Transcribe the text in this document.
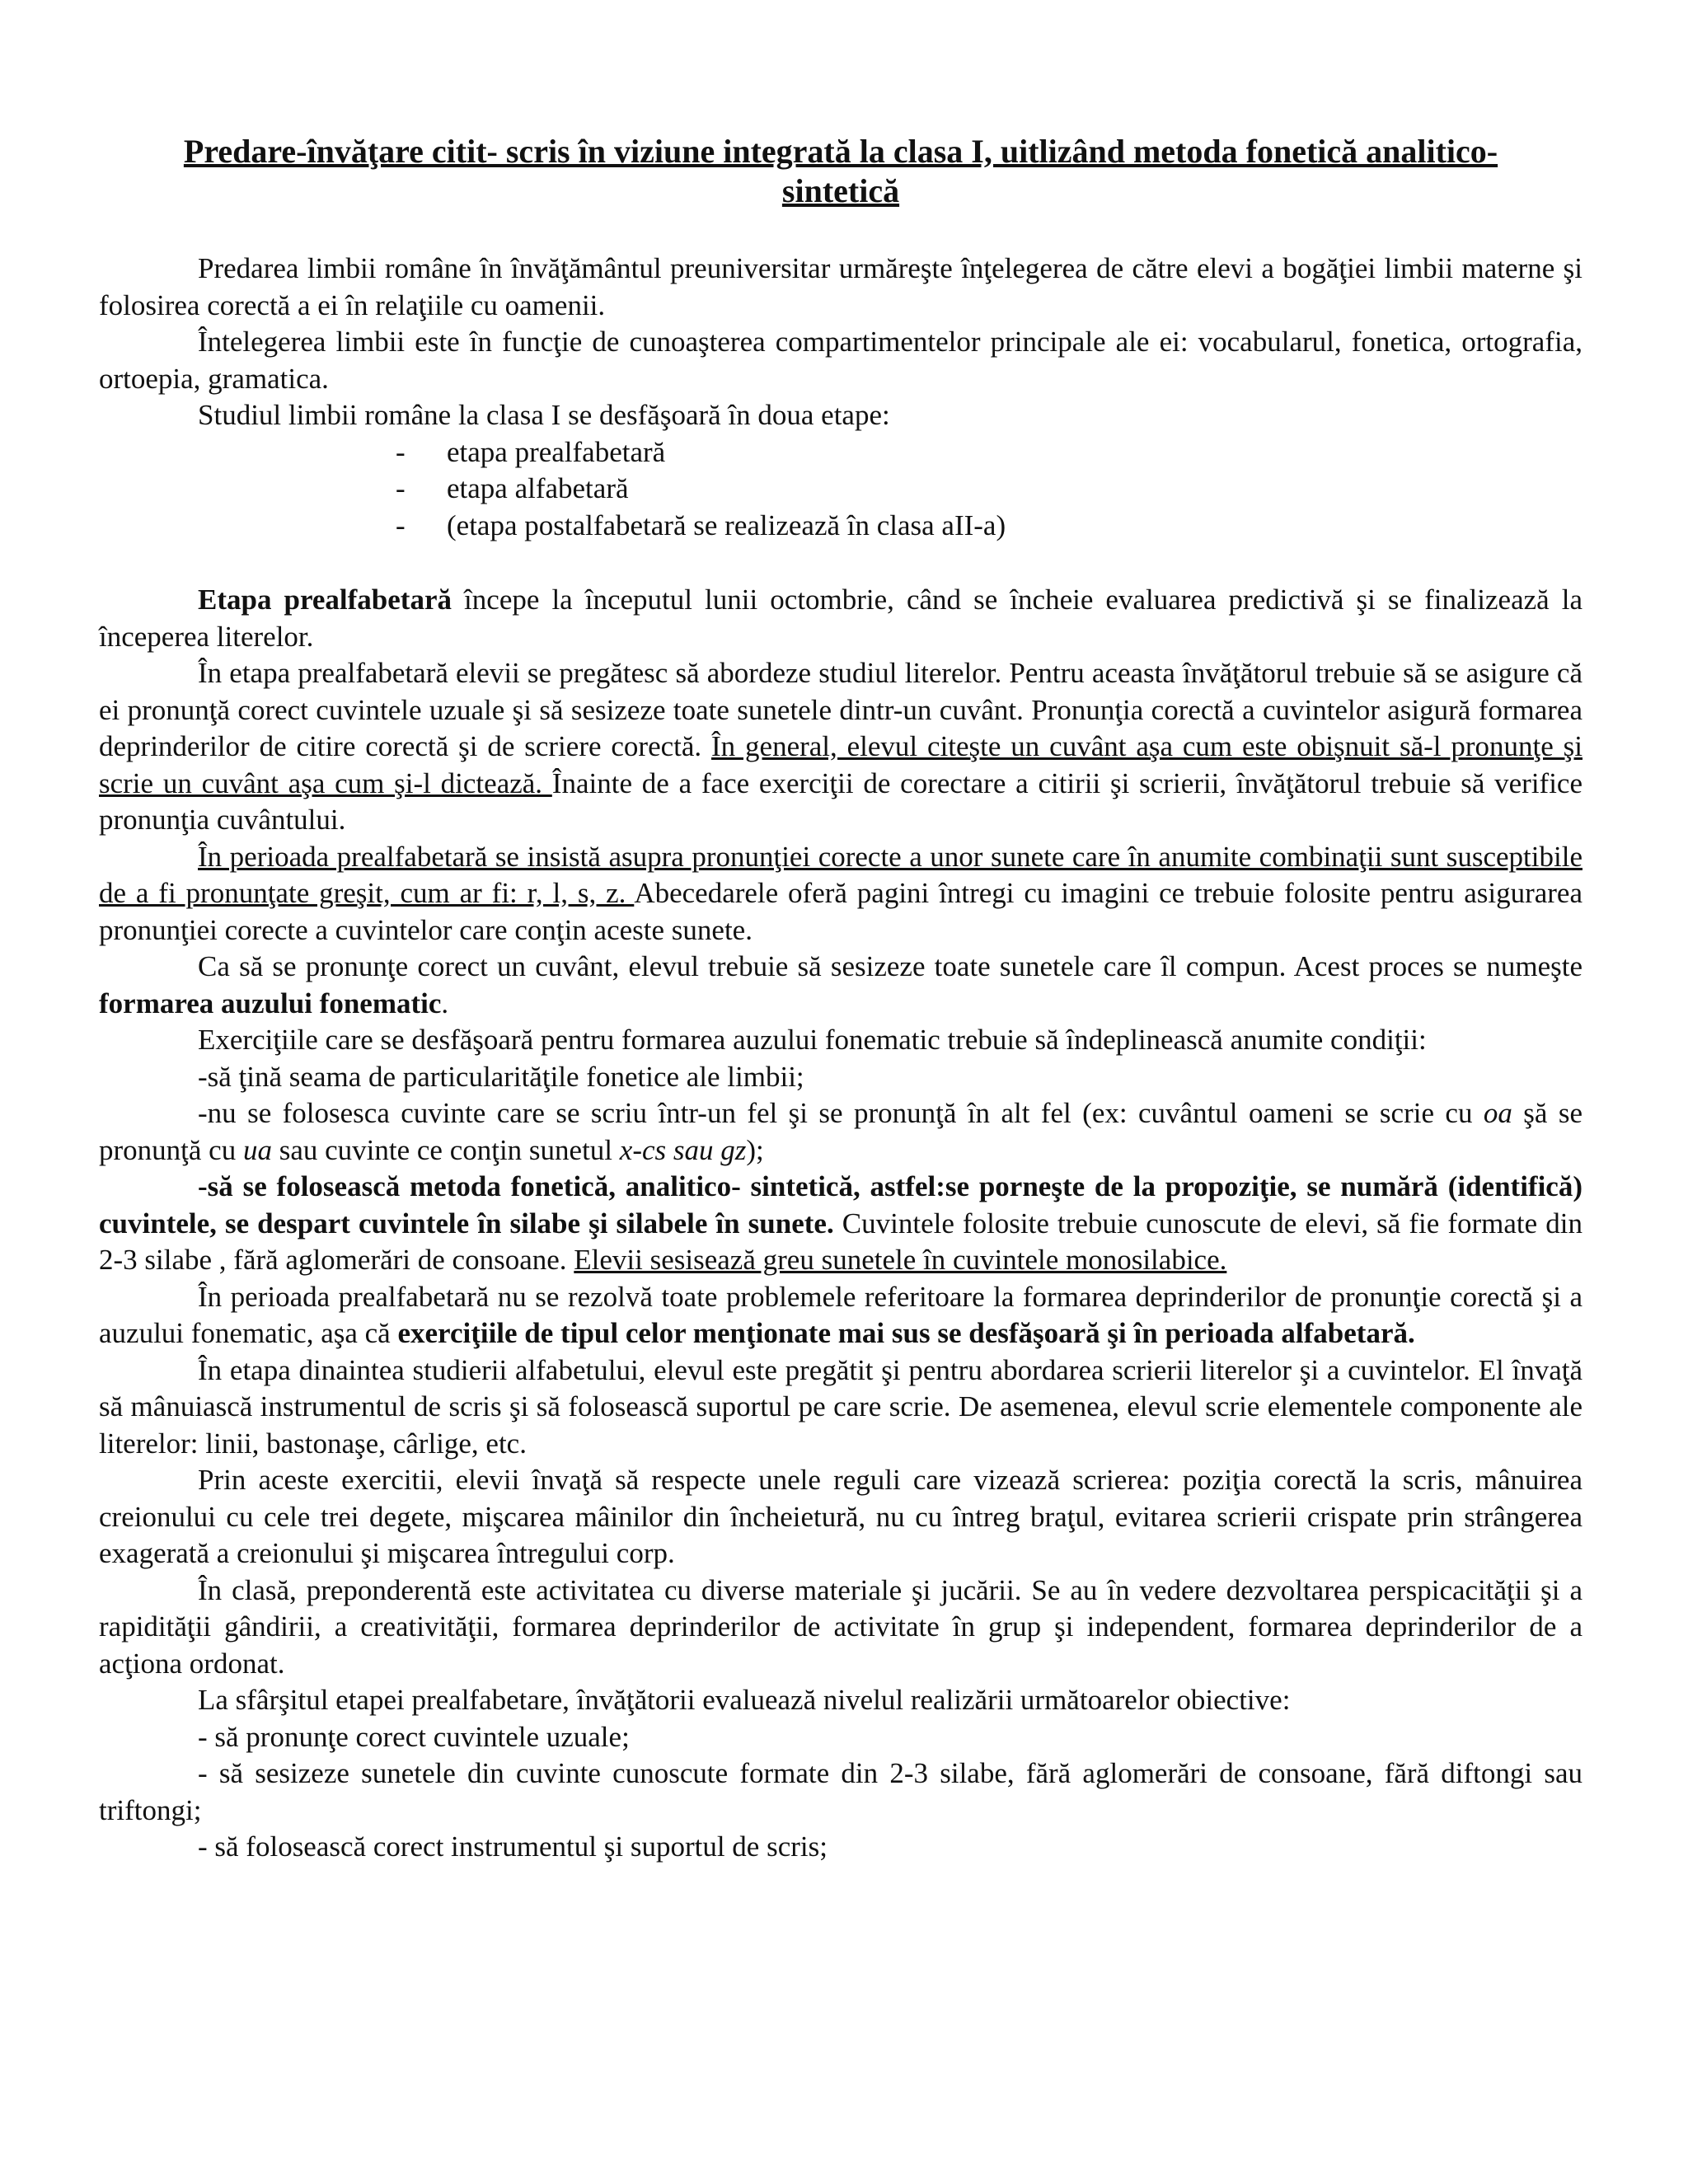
Predare-învăţare citit- scris în viziune integrată la clasa I, uitlizând metoda fonetică analitico-sintetică

Predarea limbii române în învăţământul preuniversitar urmăreşte înţelegerea de către elevi a bogăţiei limbii materne şi folosirea corectă a ei în relaţiile cu oamenii.

Întelegerea limbii este în funcţie de cunoaşterea compartimentelor principale ale ei: vocabularul, fonetica, ortografia, ortoepia, gramatica.

Studiul limbii române la clasa I se desfăşoară în doua etape:

- etapa prealfabetară
- etapa alfabetară
- (etapa postalfabetară se realizează în clasa aII-a)

Etapa prealfabetară începe la începutul lunii octombrie, când se încheie evaluarea predictivă şi se finalizează la începerea literelor.

În etapa prealfabetară elevii se pregătesc să abordeze studiul literelor. Pentru aceasta învăţătorul trebuie să se asigure că ei pronunţă corect cuvintele uzuale şi să sesizeze toate sunetele dintr-un cuvânt. Pronunţia corectă a cuvintelor asigură formarea deprinderilor de citire corectă şi de scriere corectă. În general, elevul citeşte un cuvânt aşa cum este obişnuit să-l pronunţe şi scrie un cuvânt aşa cum şi-l dictează. Înainte de a face exerciţii de corectare a citirii şi scrierii, învăţătorul trebuie să verifice pronunţia cuvântului.

În perioada prealfabetară se insistă asupra pronunţiei corecte a unor sunete care în anumite combinaţii sunt susceptibile de a fi pronunţate greşit, cum ar fi: r, l, s, z. Abecedarele oferă pagini întregi cu imagini ce trebuie folosite pentru asigurarea pronunţiei corecte a cuvintelor care conţin aceste sunete.

Ca să se pronunţe corect un cuvânt, elevul trebuie să sesizeze toate sunetele care îl compun. Acest proces se numeşte formarea auzului fonematic.

Exerciţiile care se desfăşoară pentru formarea auzului fonematic trebuie să îndeplinească anumite condiţii:

-să ţină seama de particularităţile fonetice ale limbii;

-nu se folosesca cuvinte care se scriu într-un fel şi se pronunţă în alt fel (ex: cuvântul oameni se scrie cu oa şă se pronunţă cu ua sau cuvinte ce conţin sunetul x-cs sau gz);

-să se folosească metoda fonetică, analitico- sintetică, astfel:se porneşte de la propoziţie, se numără (identifică) cuvintele, se despart cuvintele în silabe şi silabele în sunete. Cuvintele folosite trebuie cunoscute de elevi, să fie formate din 2-3 silabe , fără aglomerări de consoane. Elevii sesisează greu sunetele în cuvintele monosilabice.

În perioada prealfabetară nu se rezolvă toate problemele referitoare la formarea deprinderilor de pronunţie corectă şi a auzului fonematic, aşa că exerciţiile de tipul celor menţionate mai sus se desfăşoară şi în perioada alfabetară.

În etapa dinaintea studierii alfabetului, elevul este pregătit şi pentru abordarea scrierii literelor şi a cuvintelor. El învaţă să mânuiască instrumentul de scris şi să folosească suportul pe care scrie. De asemenea, elevul scrie elementele componente ale literelor: linii, bastonaşe, cârlige, etc.

Prin aceste exercitii, elevii învaţă să respecte unele reguli care vizează scrierea: poziţia corectă la scris, mânuirea creionului cu cele trei degete, mişcarea mâinilor din încheietură, nu cu întreg braţul, evitarea scrierii crispate prin strângerea exagerată a creionului şi mişcarea întregului corp.

În clasă, preponderentă este activitatea cu diverse materiale şi jucării. Se au în vedere dezvoltarea perspicacităţii şi a rapidităţii gândirii, a creativităţii, formarea deprinderilor de activitate în grup şi independent, formarea deprinderilor de a acţiona ordonat.

La sfârşitul etapei prealfabetare, învăţătorii evaluează nivelul realizării următoarelor obiective:

- să pronunţe corect cuvintele uzuale;

- să sesizeze sunetele din cuvinte cunoscute formate din 2-3 silabe, fără aglomerări de consoane, fără diftongi sau triftongi;

- să folosească corect instrumentul şi suportul de scris;
